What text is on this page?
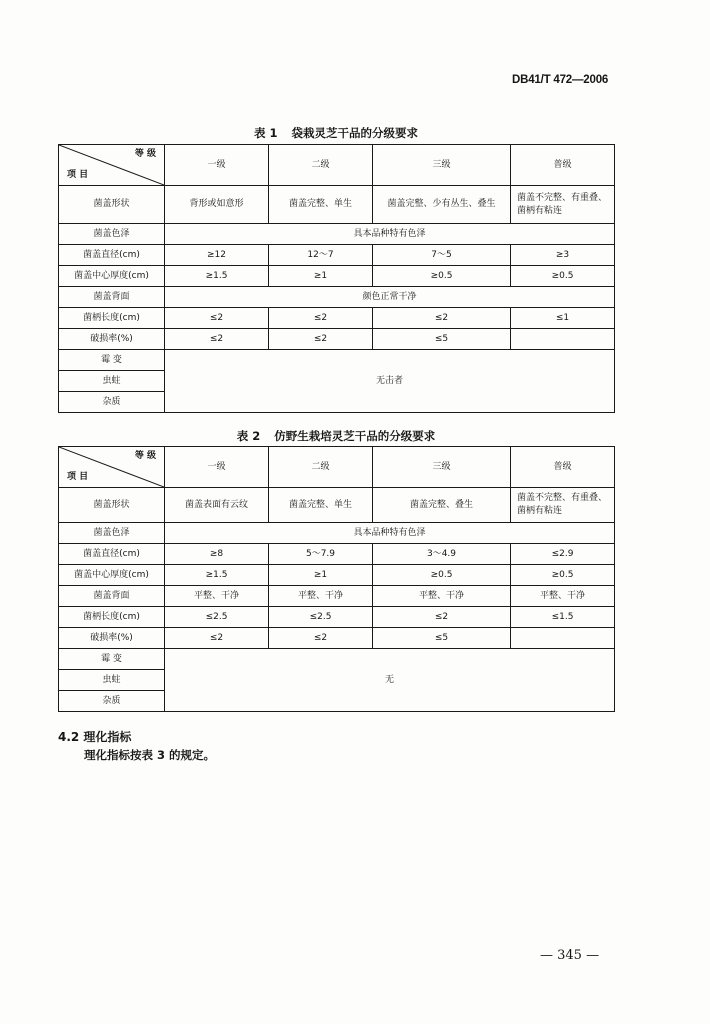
DB41/T 472—2006
表 1 袋栽灵芝干品的分级要求
等 级
项 目	一级	二级	三级	普级
菌盖形状	背形或如意形	菌盖完整、单生	菌盖完整、少有丛生、叠生	菌盖不完整、有重叠、菌柄有粘连
菌盖色泽	具本品种特有色泽			
菌盖直径(cm)	≥12	12～7	7～5	≥3
菌盖中心厚度(cm)	≥1.5	≥1	≥0.5	≥0.5
菌盖背面	颜色正常干净			
菌柄长度(cm)	≤2	≤2	≤2	≤1
破损率(%)	≤2	≤2	≤5	
霉 变	无击者			
虫蛀				
杂质				
表 2 仿野生栽培灵芝干品的分级要求
等 级
项 目	一级	二级	三级	普级
菌盖形状	菌盖表面有云纹	菌盖完整、单生	菌盖完整、叠生	菌盖不完整、有重叠、菌柄有粘连
菌盖色泽	具本品种特有色泽			
菌盖直径(cm)	≥8	5～7.9	3～4.9	≤2.9
菌盖中心厚度(cm)	≥1.5	≥1	≥0.5	≥0.5
菌盖背面	平整、干净	平整、干净	平整、干净	平整、干净
菌柄长度(cm)	≤2.5	≤2.5	≤2	≤1.5
破损率(%)	≤2	≤2	≤5	
霉 变	无			
虫蛀				
杂质				
4.2 理化指标
理化指标按表 3 的规定。
— 345 —
